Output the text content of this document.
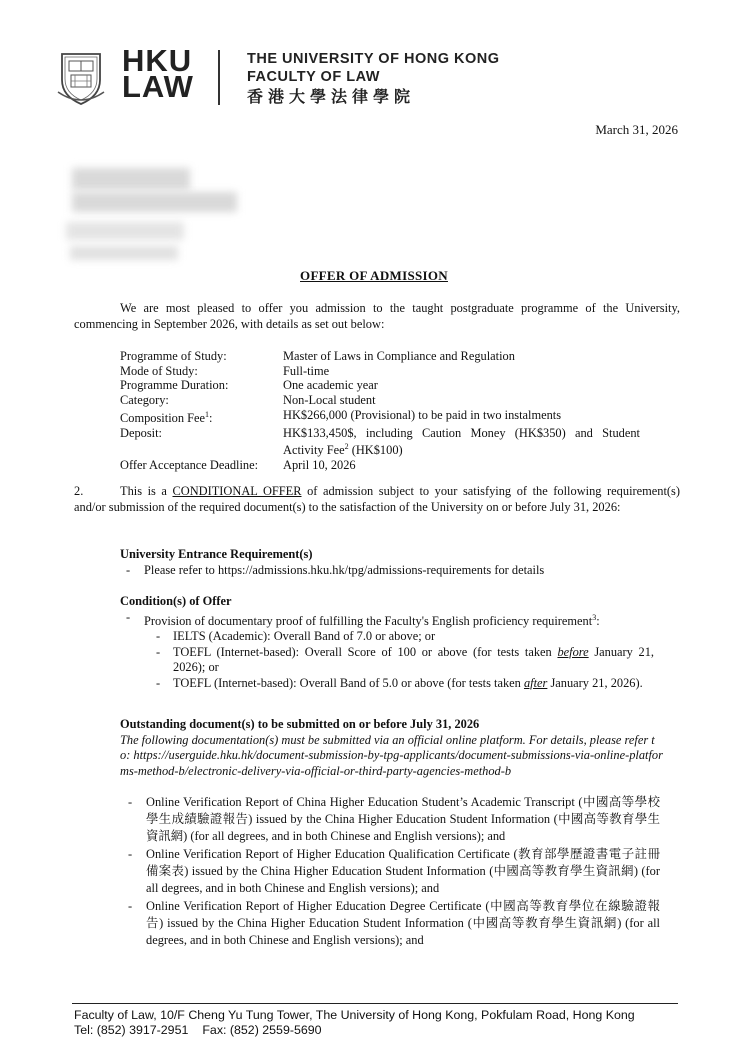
HKU
LAW
THE UNIVERSITY OF HONG KONG
FACULTY OF LAW
香港大學法律學院
March 31, 2026
OFFER OF ADMISSION
We are most pleased to offer you admission to the taught postgraduate programme of the University, commencing in September 2026, with details as set out below:
Programme of Study:	Master of Laws in Compliance and Regulation
Mode of Study:	Full-time
Programme Duration:	One academic year
Category:	Non-Local student
Composition Fee$^1$:	HK$266,000 (Provisional) to be paid in two instalments
Deposit:	HK$133,450$, including Caution Money (HK$350) and Student Activity Fee$^2$ (HK$100)
Offer Acceptance Deadline:	April 10, 2026
2.	This is a CONDITIONAL OFFER of admission subject to your satisfying of the following requirement(s) and/or submission of the required document(s) to the satisfaction of the University on or before July 31, 2026:
University Entrance Requirement(s)
- Please refer to https://admissions.hku.hk/tpg/admissions-requirements for details
Condition(s) of Offer
- Provision of documentary proof of fulfilling the Faculty's English proficiency requirement$^3$:
- IELTS (Academic): Overall Band of 7.0 or above; or
- TOEFL (Internet-based): Overall Score of 100 or above (for tests taken before January 21, 2026); or
- TOEFL (Internet-based): Overall Band of 5.0 or above (for tests taken after January 21, 2026).
Outstanding document(s) to be submitted on or before July 31, 2026
The following documentation(s) must be submitted via an official online platform. For details, please refer to: https://userguide.hku.hk/document-submission-by-tpg-applicants/document-submissions-via-online-platforms-method-b/electronic-delivery-via-official-or-third-party-agencies-method-b
- Online Verification Report of China Higher Education Student’s Academic Transcript (中國高等學校學生成績驗證報告) issued by the China Higher Education Student Information (中國高等教育學生資訊網) (for all degrees, and in both Chinese and English versions); and
- Online Verification Report of Higher Education Qualification Certificate (教育部學歷證書電子註冊備案表) issued by the China Higher Education Student Information (中國高等教育學生資訊網) (for all degrees, and in both Chinese and English versions); and
- Online Verification Report of Higher Education Degree Certificate (中國高等教育學位在線驗證報告) issued by the China Higher Education Student Information (中國高等教育學生資訊網) (for all degrees, and in both Chinese and English versions); and
Faculty of Law, 10/F Cheng Yu Tung Tower, The University of Hong Kong, Pokfulam Road, Hong Kong
Tel: (852) 3917-2951 Fax: (852) 2559-5690
